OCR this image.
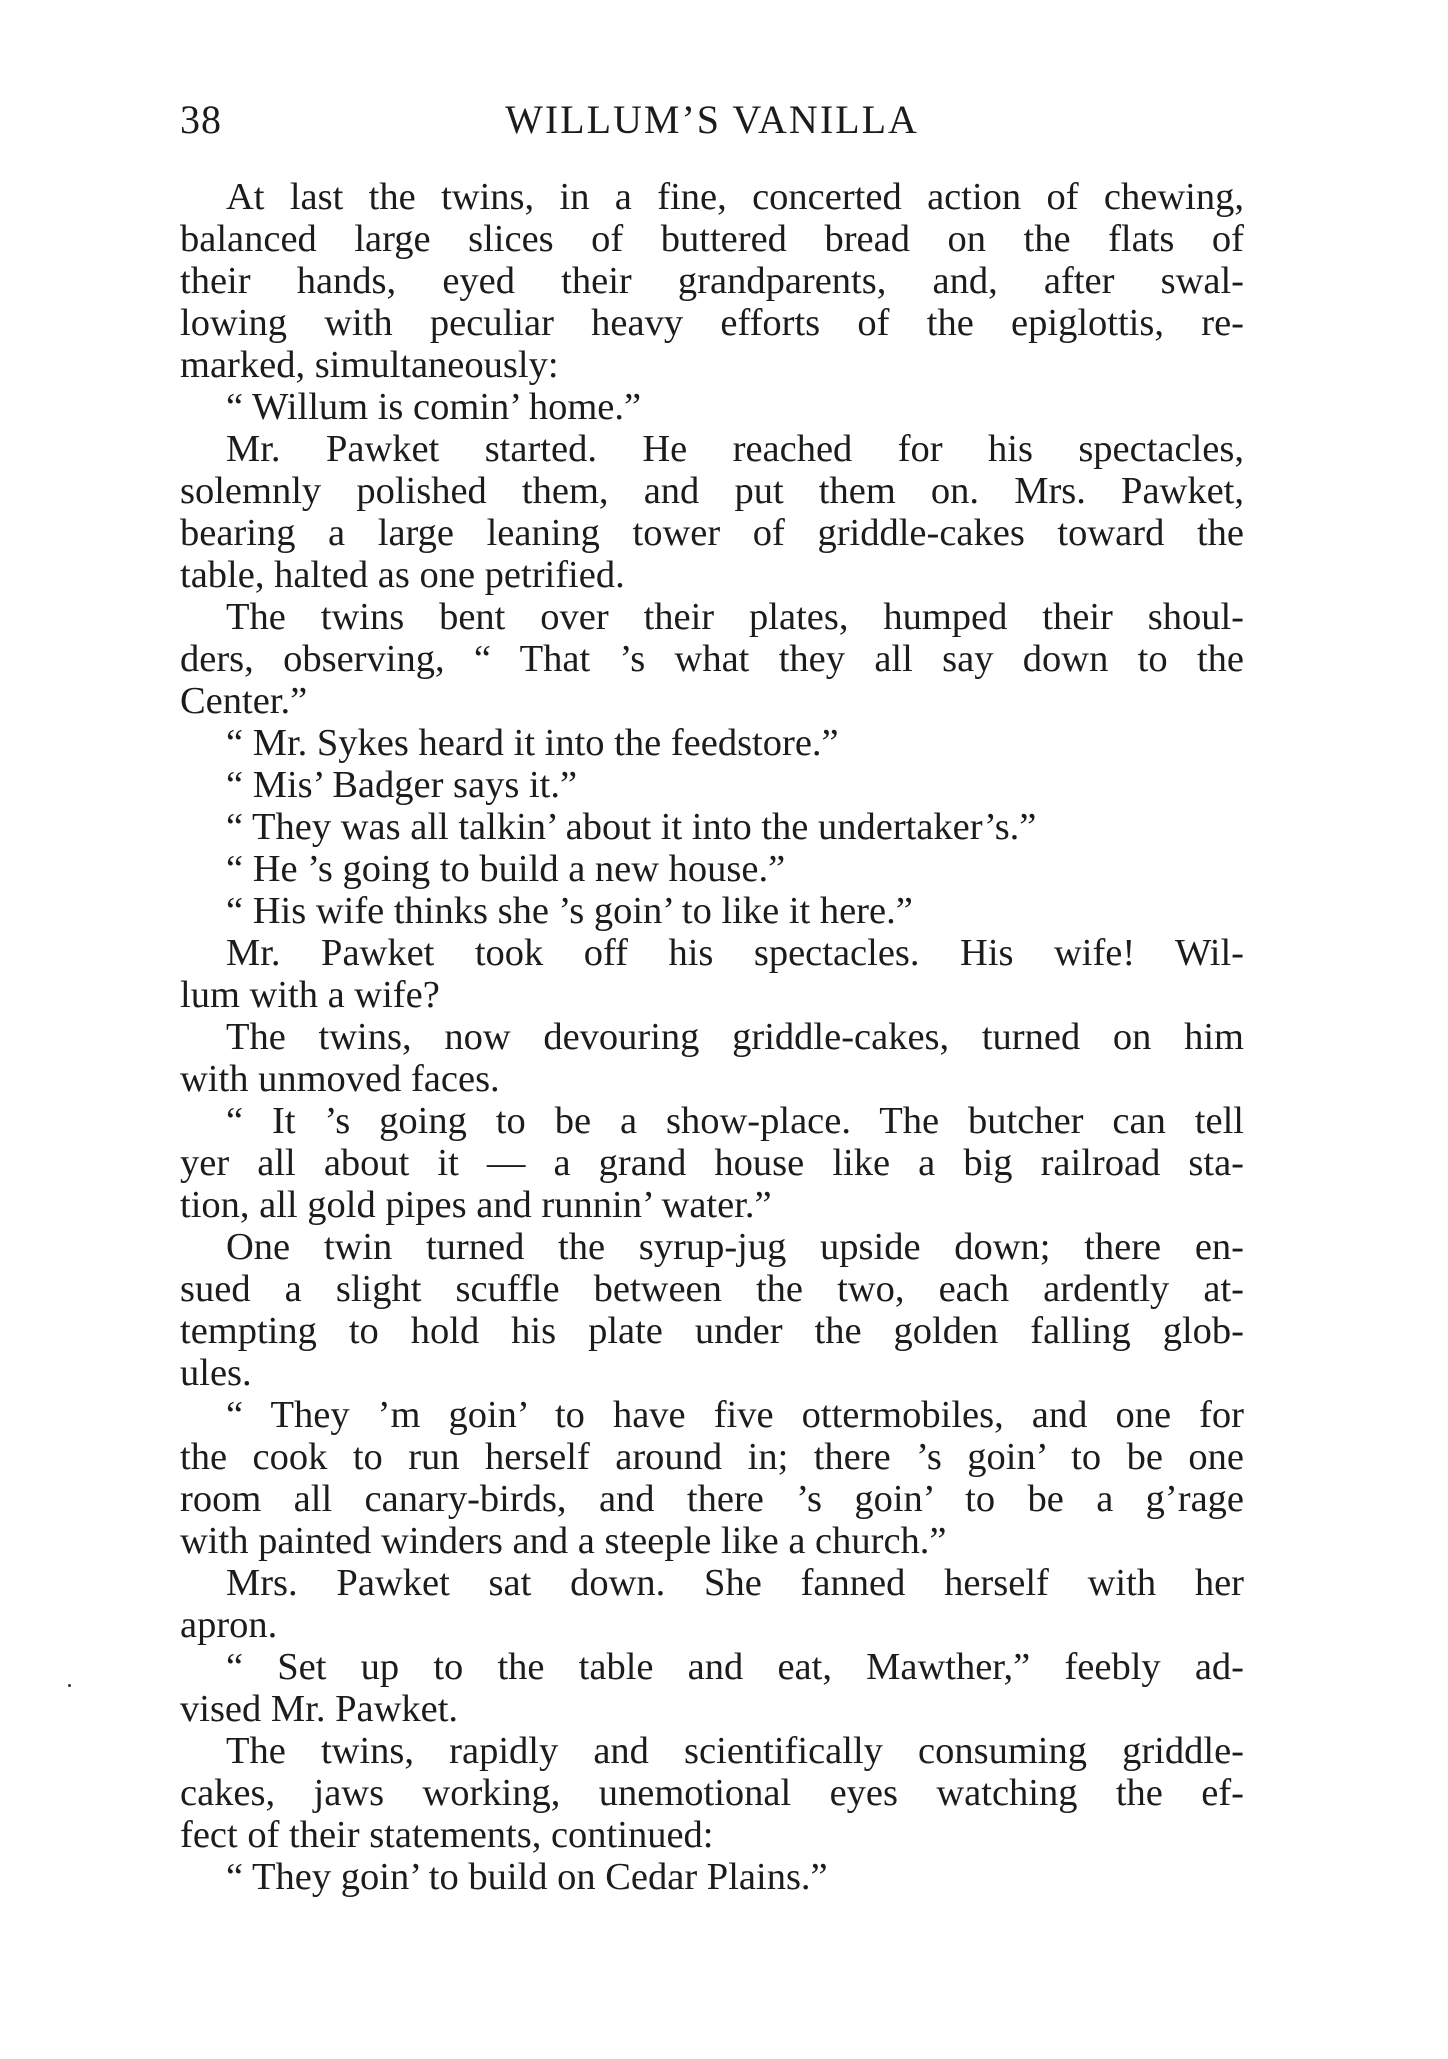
38	WILLUM’S VANILLA
At last the twins, in a fine, concerted action of chewing,
balanced large slices of buttered bread on the flats of
their hands, eyed their grandparents, and, after swal-
lowing with peculiar heavy efforts of the epiglottis, re-
marked, simultaneously:
“ Willum is comin’ home.”
Mr. Pawket started. He reached for his spectacles,
solemnly polished them, and put them on. Mrs. Pawket,
bearing a large leaning tower of griddle-cakes toward the
table, halted as one petrified.
The twins bent over their plates, humped their shoul-
ders, observing, “ That ’s what they all say down to the
Center.”
“ Mr. Sykes heard it into the feedstore.”
“ Mis’ Badger says it.”
“ They was all talkin’ about it into the undertaker’s.”
“ He ’s going to build a new house.”
“ His wife thinks she ’s goin’ to like it here.”
Mr. Pawket took off his spectacles. His wife! Wil-
lum with a wife?
The twins, now devouring griddle-cakes, turned on him
with unmoved faces.
“ It ’s going to be a show-place. The butcher can tell
yer all about it — a grand house like a big railroad sta-
tion, all gold pipes and runnin’ water.”
One twin turned the syrup-jug upside down; there en-
sued a slight scuffle between the two, each ardently at-
tempting to hold his plate under the golden falling glob-
ules.
“ They ’m goin’ to have five ottermobiles, and one for
the cook to run herself around in; there ’s goin’ to be one
room all canary-birds, and there ’s goin’ to be a g’rage
with painted winders and a steeple like a church.”
Mrs. Pawket sat down. She fanned herself with her
apron.
“ Set up to the table and eat, Mawther,” feebly ad-
vised Mr. Pawket.
The twins, rapidly and scientifically consuming griddle-
cakes, jaws working, unemotional eyes watching the ef-
fect of their statements, continued:
“ They goin’ to build on Cedar Plains.”
